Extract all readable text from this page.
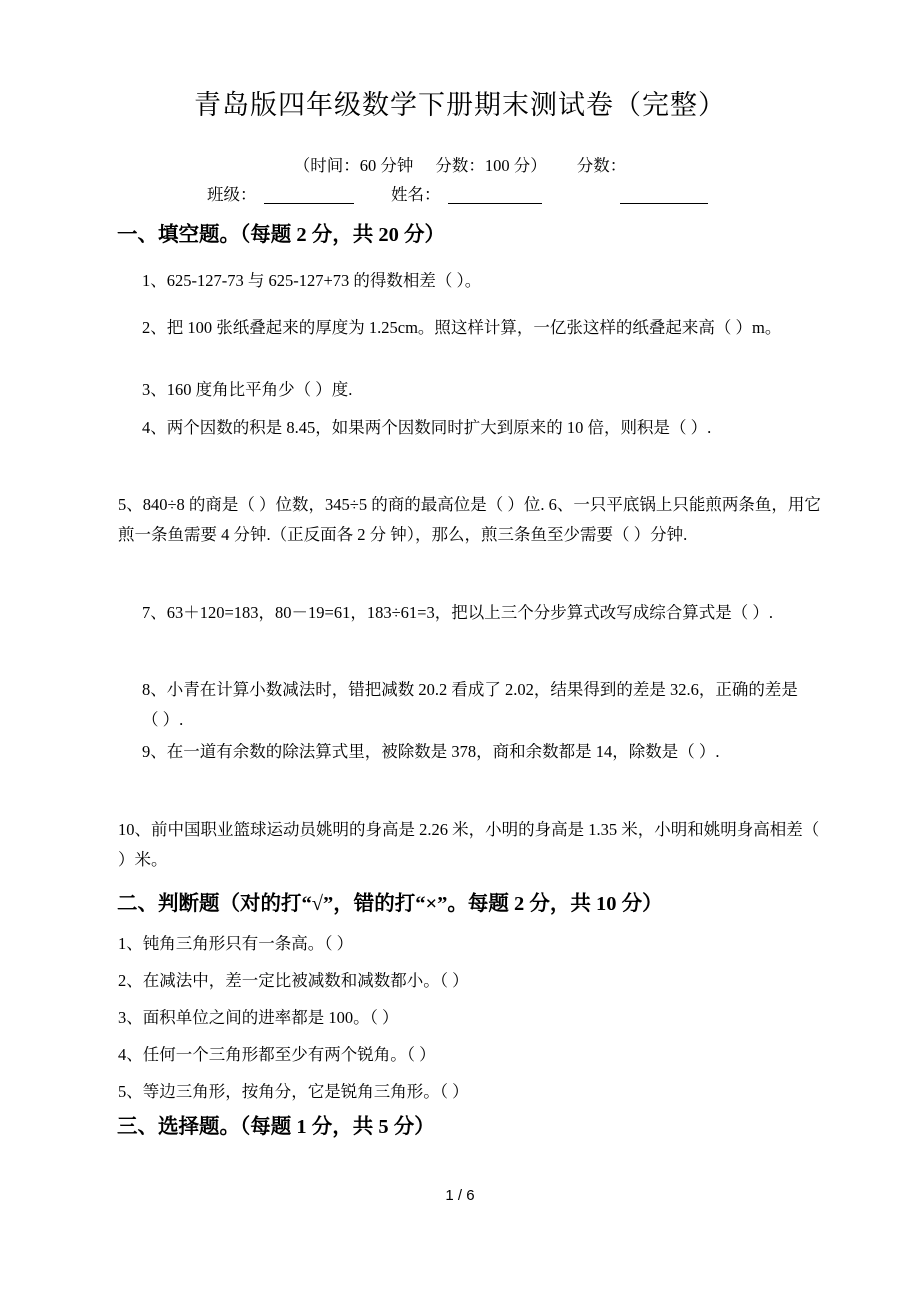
青岛版四年级数学下册期末测试卷（完整）
（时间：60 分钟 分数：100 分） 分数：
班级：	姓名：
一、填空题。（每题 2 分，共 20 分）
1、625-127-73 与 625-127+73 的得数相差（ ）。
2、把 100 张纸叠起来的厚度为 1.25cm。照这样计算，一亿张这样的纸叠起来高（ ）m。
3、160 度角比平角少（ ）度.
4、两个因数的积是 8.45，如果两个因数同时扩大到原来的 10 倍，则积是（ ）.
5、840÷8 的商是（ ）位数，345÷5 的商的最高位是（ ）位. 6、一只平底锅上只能煎两条鱼，用它煎一条鱼需要 4 分钟.（正反面各 2 分 钟），那么，煎三条鱼至少需要（ ）分钟.
7、63＋120=183，80－19=61，183÷61=3，把以上三个分步算式改写成综合算式是（ ）.
8、小青在计算小数减法时，错把减数 20.2 看成了 2.02，结果得到的差是 32.6，正确的差是（ ）.
9、在一道有余数的除法算式里，被除数是 378，商和余数都是 14，除数是（ ）.
10、前中国职业篮球运动员姚明的身高是 2.26 米，小明的身高是 1.35 米，小明和姚明身高相差（ ）米。
二、判断题（对的打“√”，错的打“×”。每题 2 分，共 10 分）
1、钝角三角形只有一条高。（ ）
2、在减法中，差一定比被减数和减数都小。（ ）
3、面积单位之间的进率都是 100。（ ）
4、任何一个三角形都至少有两个锐角。（ ）
5、等边三角形，按角分，它是锐角三角形。（ ）
三、选择题。（每题 1 分，共 5 分）
1 / 6
